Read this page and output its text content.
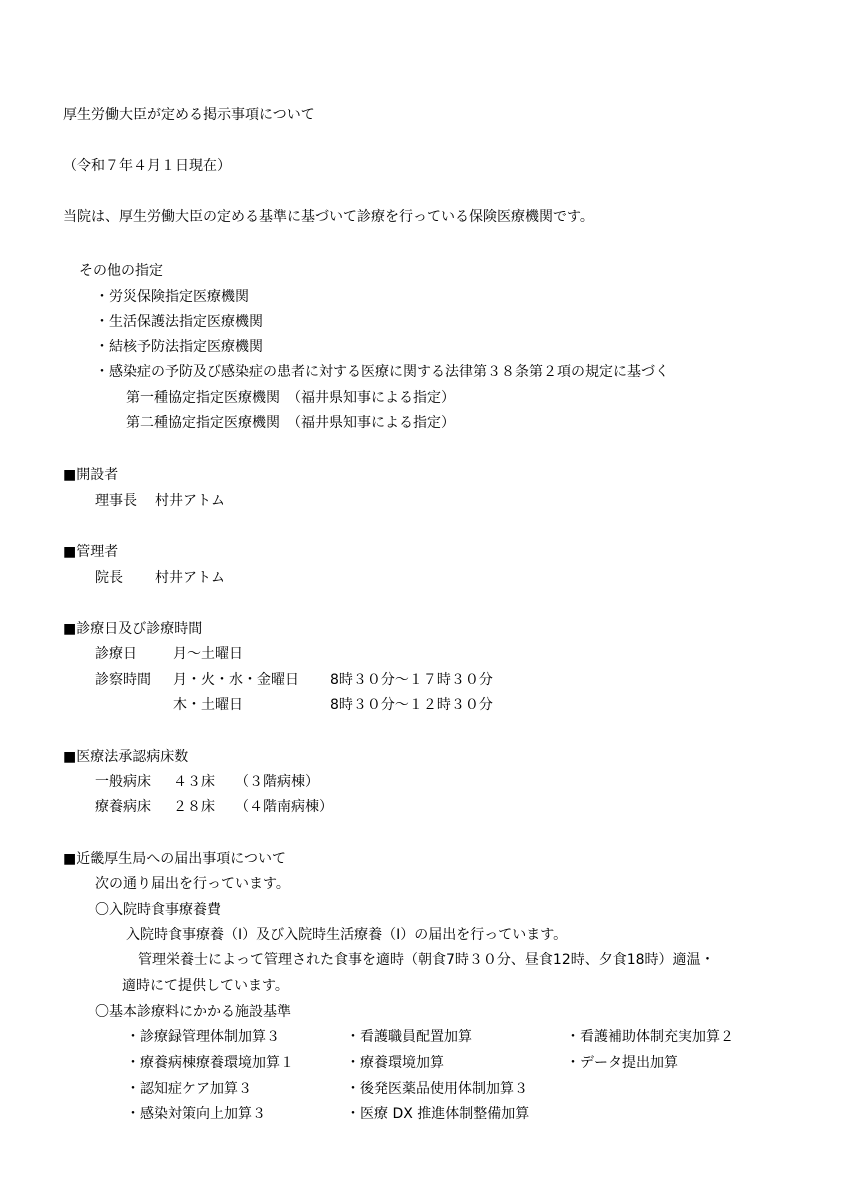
厚生労働大臣が定める掲示事項について
（令和７年４月１日現在）
当院は、厚生労働大臣の定める基準に基づいて診療を行っている保険医療機関です。
その他の指定
・労災保険指定医療機関
・生活保護法指定医療機関
・結核予防法指定医療機関
・感染症の予防及び感染症の患者に対する医療に関する法律第３８条第２項の規定に基づく
第一種協定指定医療機関　（福井県知事による指定）
第二種協定指定医療機関　（福井県知事による指定）
■開設者
理事長 村井アトム
■管理者
院長 村井アトム
■診療日及び診療時間
診療日	月～土曜日
診察時間 月・火・水・金曜日 8時３０分～１７時３０分
木・土曜日	8時３０分～１２時３０分
■医療法承認病床数
一般病床 ４３床 （３階病棟）
療養病床 ２８床 （４階南病棟）
■近畿厚生局への届出事項について
次の通り届出を行っています。
〇入院時食事療養費
入院時食事療養（Ⅰ）及び入院時生活療養（Ⅰ）の届出を行っています。
管理栄養士によって管理された食事を適時（朝食7時３０分、昼食12時、夕食18時）適温・
適時にて提供しています。
〇基本診療料にかかる施設基準
・診療録管理体制加算３	・看護職員配置加算	・看護補助体制充実加算２
・療養病棟療養環境加算１	・療養環境加算	・データ提出加算
・認知症ケア加算３	・後発医薬品使用体制加算３
・感染対策向上加算３	・医療 DX 推進体制整備加算
